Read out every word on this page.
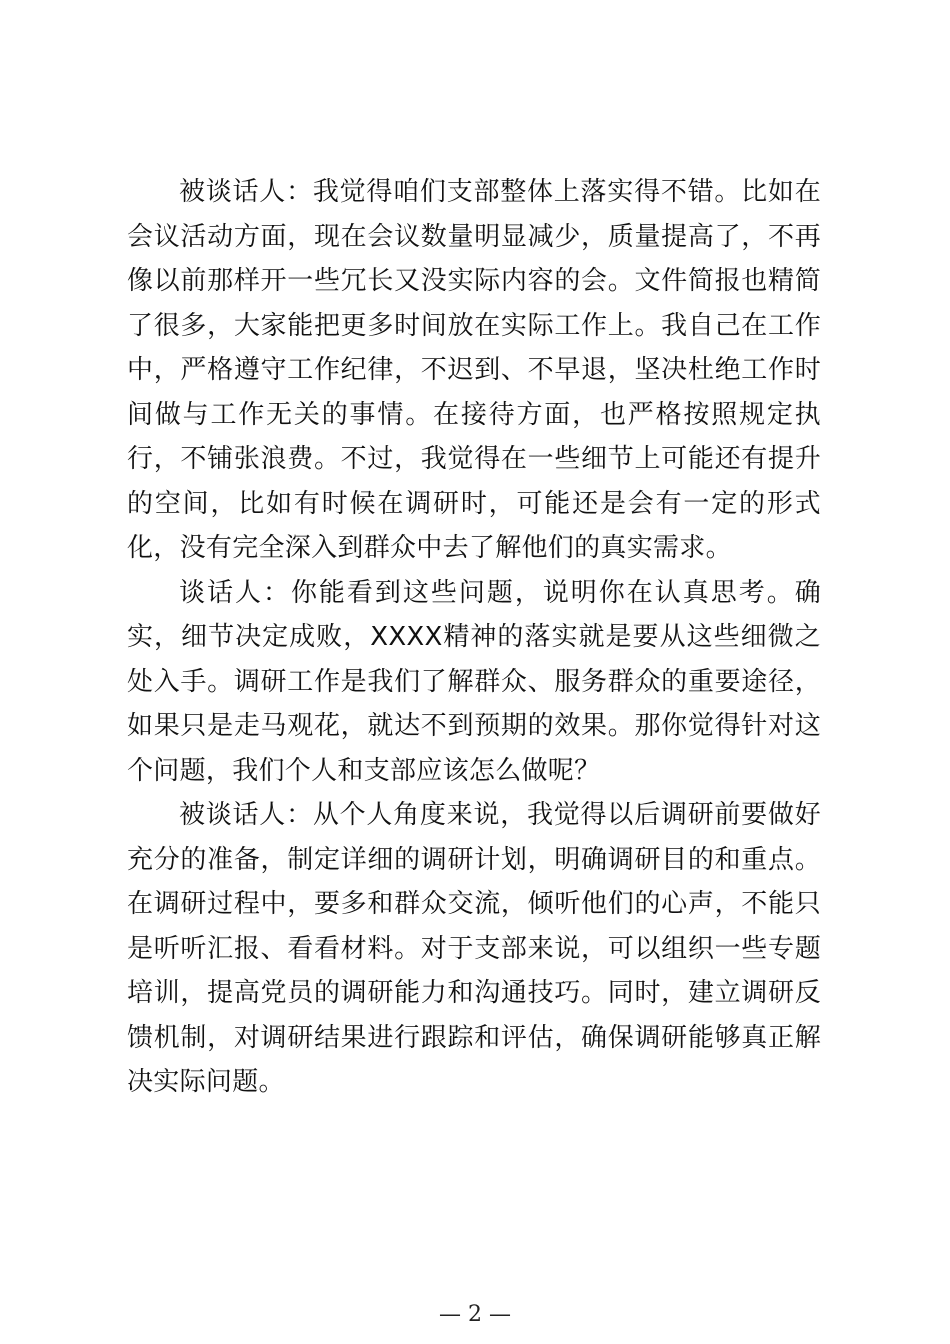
被谈话人：我觉得咱们支部整体上落实得不错。比如在会议活动方面，现在会议数量明显减少，质量提高了，不再像以前那样开一些冗长又没实际内容的会。文件简报也精简了很多，大家能把更多时间放在实际工作上。我自己在工作中，严格遵守工作纪律，不迟到、不早退，坚决杜绝工作时间做与工作无关的事情。在接待方面，也严格按照规定执行，不铺张浪费。不过，我觉得在一些细节上可能还有提升的空间，比如有时候在调研时，可能还是会有一定的形式化，没有完全深入到群众中去了解他们的真实需求。

谈话人：你能看到这些问题，说明你在认真思考。确实，细节决定成败，XXXX精神的落实就是要从这些细微之处入手。调研工作是我们了解群众、服务群众的重要途径，如果只是走马观花，就达不到预期的效果。那你觉得针对这个问题，我们个人和支部应该怎么做呢？

被谈话人：从个人角度来说，我觉得以后调研前要做好充分的准备，制定详细的调研计划，明确调研目的和重点。在调研过程中，要多和群众交流，倾听他们的心声，不能只是听听汇报、看看材料。对于支部来说，可以组织一些专题培训，提高党员的调研能力和沟通技巧。同时，建立调研反馈机制，对调研结果进行跟踪和评估，确保调研能够真正解决实际问题。

— 2 —
